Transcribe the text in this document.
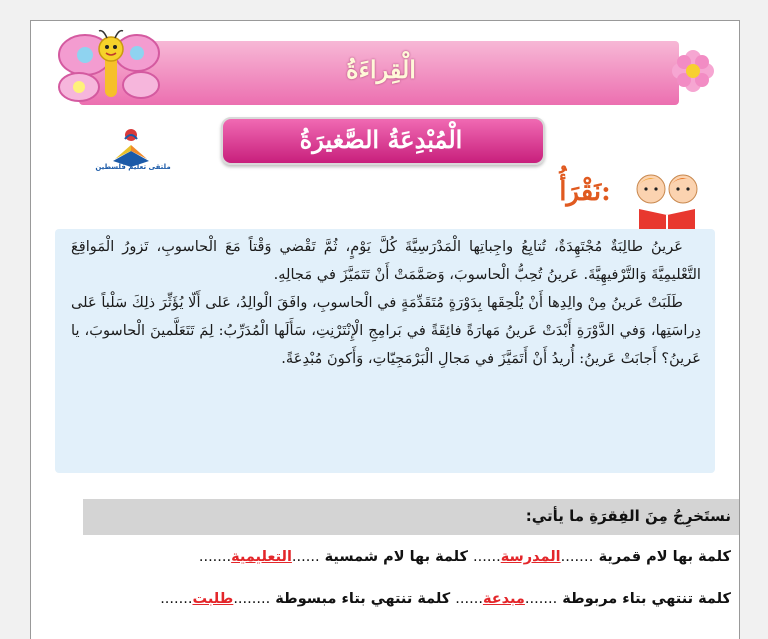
الْقِراءَةُ
ملتقى تعليم فلسطين
الْمُبْدِعَةُ الصَّغيرَةُ
نَقْرَأُ:

عَرينُ طالِبَةٌ مُجْتَهِدَةٌ، تُتابِعُ واجِباتِها الْمَدْرَسِيَّةَ كُلَّ يَوْمٍ، ثُمَّ تَقْضي وَقْتاً مَعَ الْحاسوبِ، تَزورُ الْمَواقِعَ التَّعْليمِيَّةَ وَالتَّرْفيهِيَّةَ. عَرينُ تُحِبُّ الْحاسوبَ، وَصَمَّمَتْ أَنْ تَتَمَيَّزَ في مَجالِهِ.

طَلَبَتْ عَرينُ مِنْ والِدِها أَنْ يُلْحِقَها بِدَوْرَةٍ مُتَقَدِّمَةٍ في الْحاسوبِ، وافَقَ الْوالِدُ، عَلى أَلّا يُؤَثِّرَ ذلِكَ سَلْباً عَلى دِراسَتِها، وَفي الدَّوْرَةِ أَبْدَتْ عَرينُ مَهارَةً فائِقَةً في بَرامِجِ الْإِنْتَرْنِتِ، سَأَلَها الْمُدَرِّبُ: لِمَ تَتَعَلَّمينَ الْحاسوبَ، يا عَرينُ؟ أَجابَتْ عَرينُ: أُريدُ أَنْ أَتَمَيَّزَ في مَجالِ الْبَرْمَجِيّاتِ، وَأَكونَ مُبْدِعَةً.

نستَخرِجُ مِنَ الفِقرَةِ ما يأتي:
كلمة بها لام قمرية …....المدرسة...... كلمة بها لام شمسية ......التعليمية.......
كلمة تنتهي بتاء مربوطة .......مبدعة...... كلمة تنتهي بتاء مبسوطة ........طلبت.......
